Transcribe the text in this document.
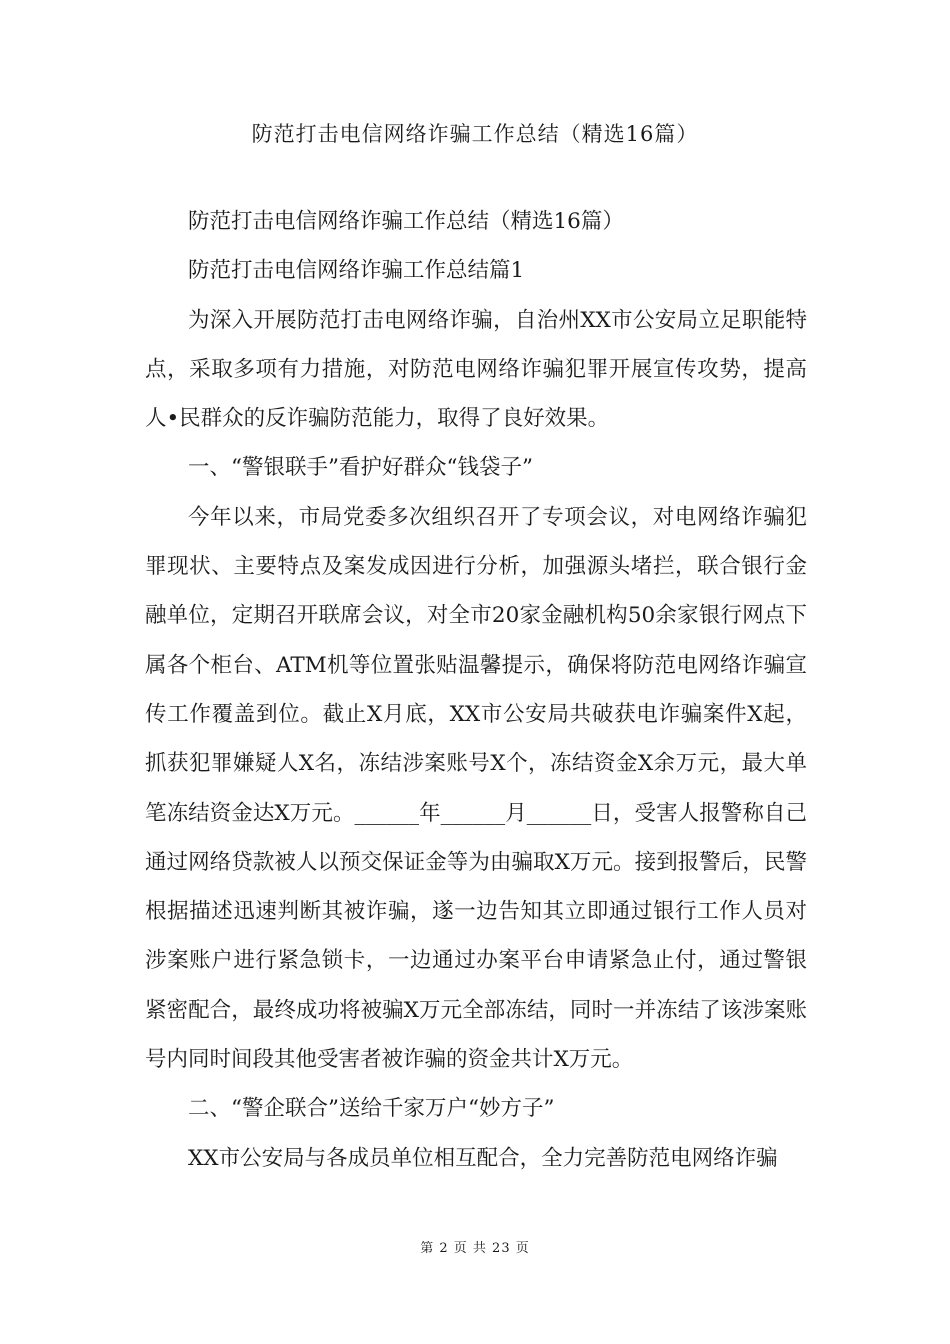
防范打击电信网络诈骗工作总结（精选16篇）

防范打击电信网络诈骗工作总结（精选16篇）

防范打击电信网络诈骗工作总结篇1

为深入开展防范打击电网络诈骗，自治州XX市公安局立足职能特点，采取多项有力措施，对防范电网络诈骗犯罪开展宣传攻势，提高人•民群众的反诈骗防范能力，取得了良好效果。

一、“警银联手”看护好群众“钱袋子”

今年以来，市局党委多次组织召开了专项会议，对电网络诈骗犯罪现状、主要特点及案发成因进行分析，加强源头堵拦，联合银行金融单位，定期召开联席会议，对全市20家金融机构50余家银行网点下属各个柜台、ATM机等位置张贴温馨提示，确保将防范电网络诈骗宣传工作覆盖到位。截止X月底，XX市公安局共破获电诈骗案件X起，抓获犯罪嫌疑人X名，冻结涉案账号X个，冻结资金X余万元，最大单笔冻结资金达X万元。______年______月______日，受害人报警称自己通过网络贷款被人以预交保证金等为由骗取X万元。接到报警后，民警根据描述迅速判断其被诈骗，遂一边告知其立即通过银行工作人员对涉案账户进行紧急锁卡，一边通过办案平台申请紧急止付，通过警银紧密配合，最终成功将被骗X万元全部冻结，同时一并冻结了该涉案账号内同时间段其他受害者被诈骗的资金共计X万元。

二、“警企联合”送给千家万户“妙方子”

XX市公安局与各成员单位相互配合，全力完善防范电网络诈骗

第 2 页 共 23 页
